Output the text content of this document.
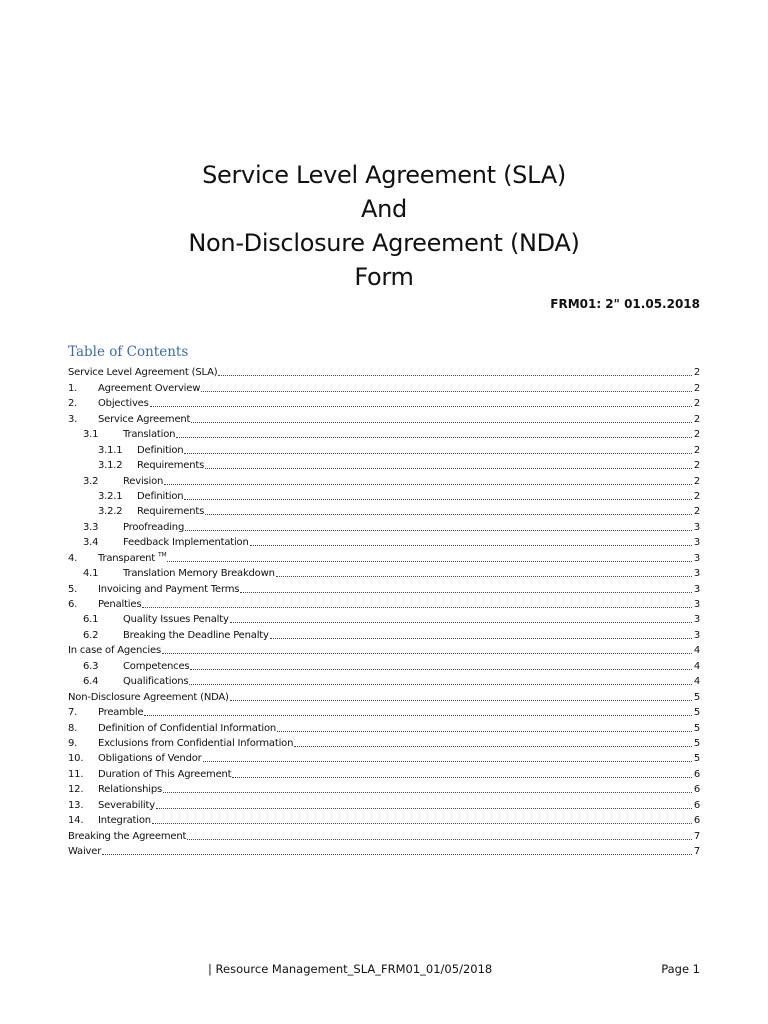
Service Level Agreement (SLA)
And
Non-Disclosure Agreement (NDA)
Form
FRM01: 2" 01.05.2018
Table of Contents
Service Level Agreement (SLA)	2
1.	Agreement Overview	2
2.	Objectives	2
3.	Service Agreement	2
3.1	Translation	2
3.1.1	Definition	2
3.1.2	Requirements	2
3.2	Revision	2
3.2.1	Definition	2
3.2.2	Requirements	2
3.3	Proofreading	3
3.4	Feedback Implementation	3
4.	Transparent ™	3
4.1	Translation Memory Breakdown	3
5.	Invoicing and Payment Terms	3
6.	Penalties	3
6.1	Quality Issues Penalty	3
6.2	Breaking the Deadline Penalty	3
In case of Agencies	4
6.3	Competences	4
6.4	Qualifications	4
Non-Disclosure Agreement (NDA)	5
7.	Preamble	5
8.	Definition of Confidential Information	5
9.	Exclusions from Confidential Information	5
10.	Obligations of Vendor	5
11.	Duration of This Agreement	6
12.	Relationships	6
13.	Severability	6
14.	Integration	6
Breaking the Agreement	7
Waiver	7
| Resource Management_SLA_FRM01_01/05/2018	Page 1
